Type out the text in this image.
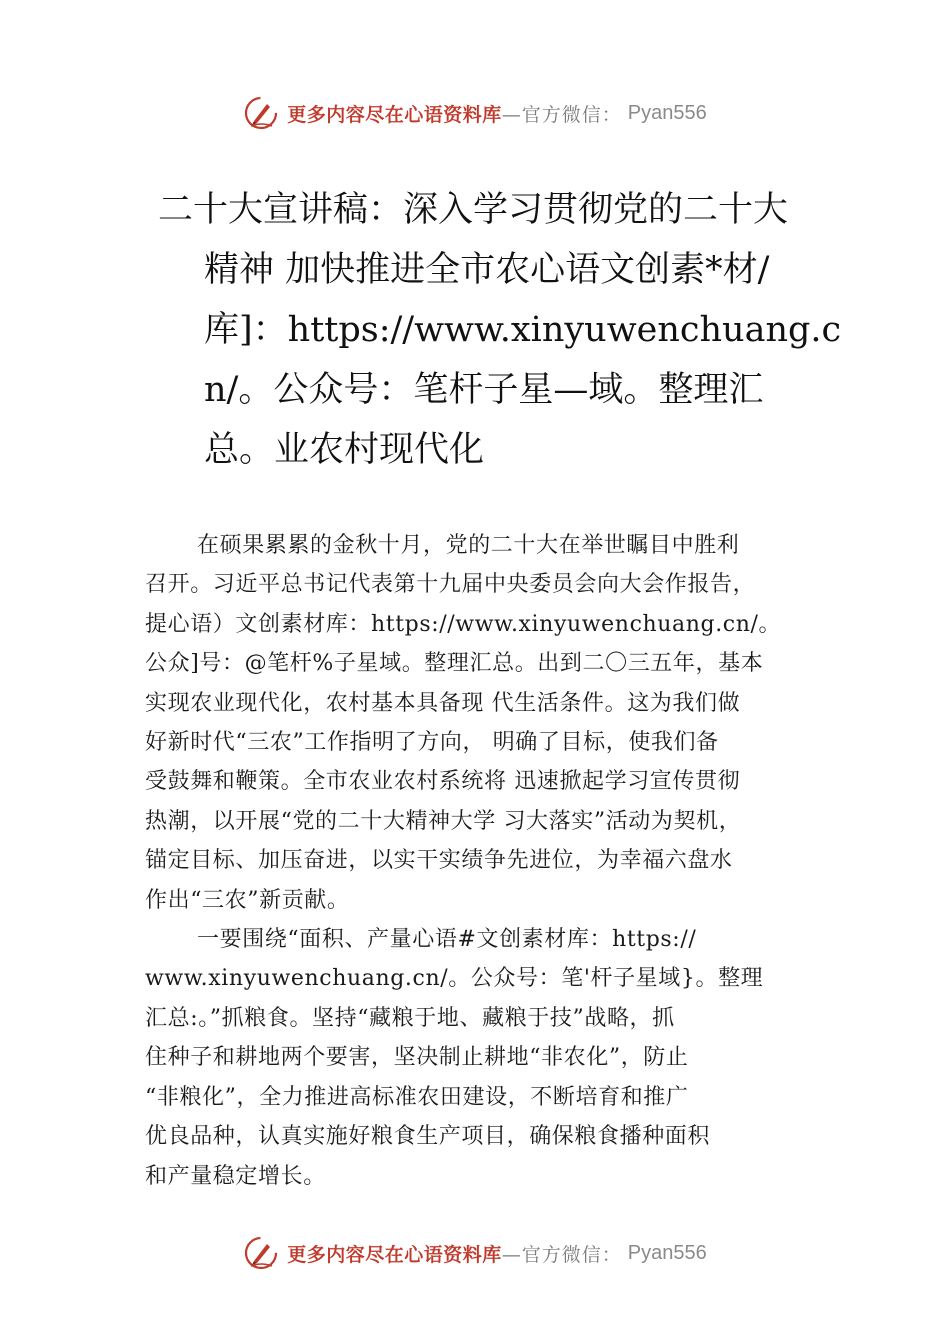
更多内容尽在心语资料库 —官方微信： Pyan556
二十大宣讲稿：深入学习贯彻党的二十大
精神 加快推进全市农心语文创素*材/
库]：https://www.xinyuwenchuang.c
n/。公众号：笔杆子星—域。整理汇
总。业农村现代化
在硕果累累的金秋十月，党的二十大在举世瞩目中胜利
召开。习近平总书记代表第十九届中央委员会向大会作报告，
提心语）文创素材库：https://www.xinyuwenchuang.cn/。
公众]号：@笔杆%子星域。整理汇总。出到二〇三五年，基本
实现农业现代化，农村基本具备现 代生活条件。这为我们做
好新时代“三农”工作指明了方向， 明确了目标，使我们备
受鼓舞和鞭策。全市农业农村系统将 迅速掀起学习宣传贯彻
热潮，以开展“党的二十大精神大学 习大落实”活动为契机，
锚定目标、加压奋进，以实干实绩争先进位，为幸福六盘水
作出“三农”新贡献。
一要围绕“面积、产量心语#文创素材库：https://
www.xinyuwenchuang.cn/。公众号：笔'杆子星域}。整理
汇总:。”抓粮食。坚持“藏粮于地、藏粮于技”战略，抓
住种子和耕地两个要害，坚决制止耕地“非农化”，防止
“非粮化”，全力推进高标准农田建设，不断培育和推广
优良品种，认真实施好粮食生产项目，确保粮食播种面积
和产量稳定增长。
更多内容尽在心语资料库 —官方微信： Pyan556
